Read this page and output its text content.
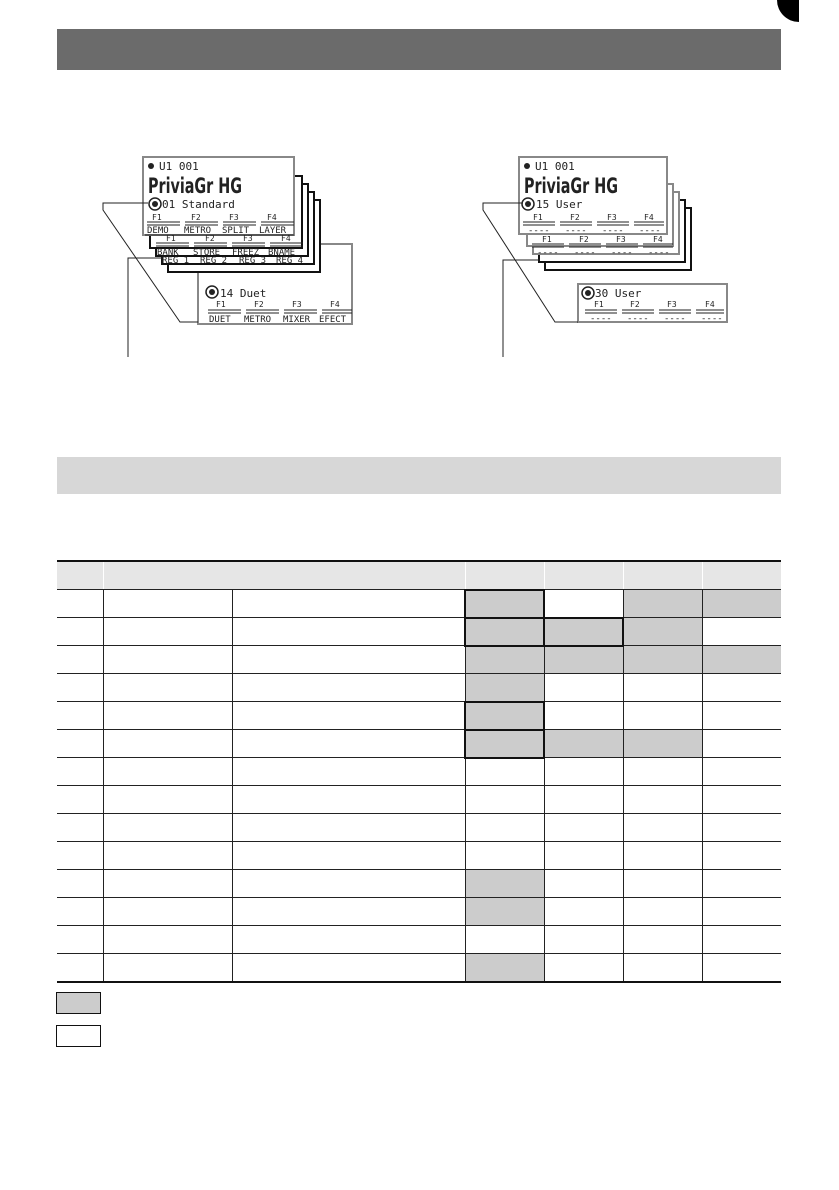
U1 001
PriviaGr HG
01 Standard
F1	F2	F3	F4
DEMO METRO SPLIT LAYER
F1	F2	F3	F4
BANK STORE FREEZ BNAME
REG 1 REG 2 REG 3 REG 4
14 Duet
F1	F2	F3	F4
DUET METRO MIXER EFECT
U1 001
PriviaGr HG
15 User
F1	F2	F3	F4
---- ---- ---- ----
F1	F2	F3	F4
---- ---- ---- ----
30 User
F1	F2	F3	F4
---- ---- ---- ----
